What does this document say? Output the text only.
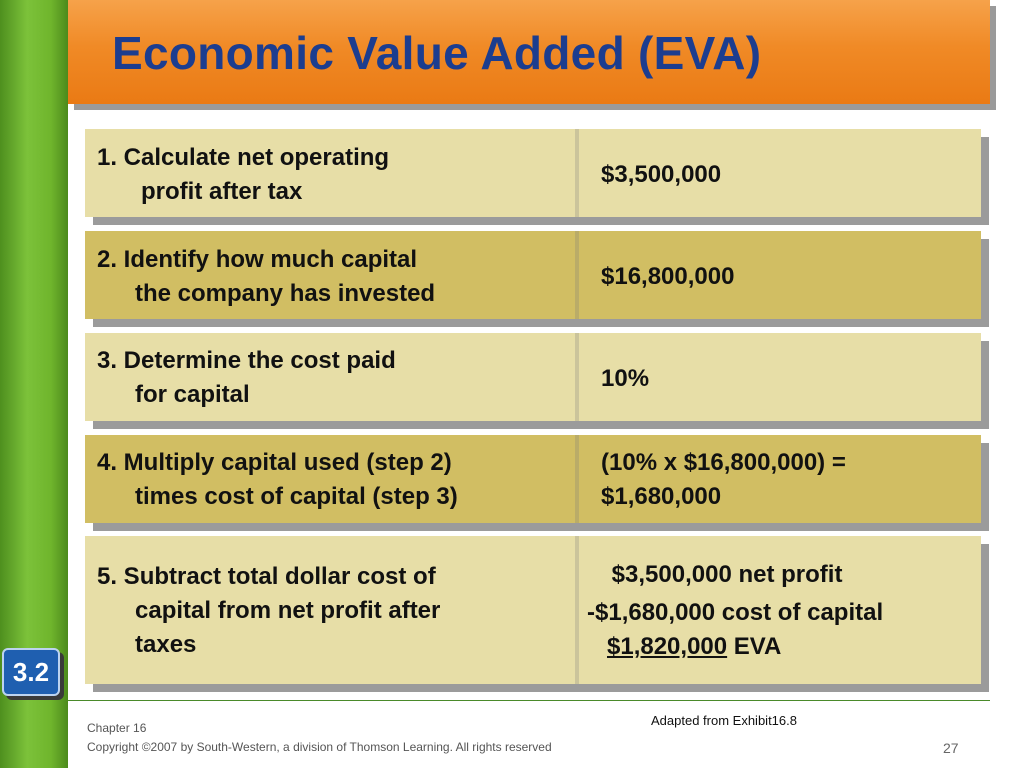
Economic Value Added (EVA)

1. Calculate net operating
profit after tax

$3,500,000

2. Identify how much capital
the company has invested

$16,800,000

3. Determine the cost paid
for capital

10%

4. Multiply capital used (step 2)
times cost of capital (step 3)

(10% x $16,800,000) =
$1,680,000

5. Subtract total dollar cost of
capital from net profit after
taxes

$3,500,000 net profit
-$1,680,000 cost of capital
$1,820,000 EVA

3.2
Adapted from Exhibit16.8
Chapter 16
Copyright ©2007 by South-Western, a division of Thomson Learning. All rights reserved	27
